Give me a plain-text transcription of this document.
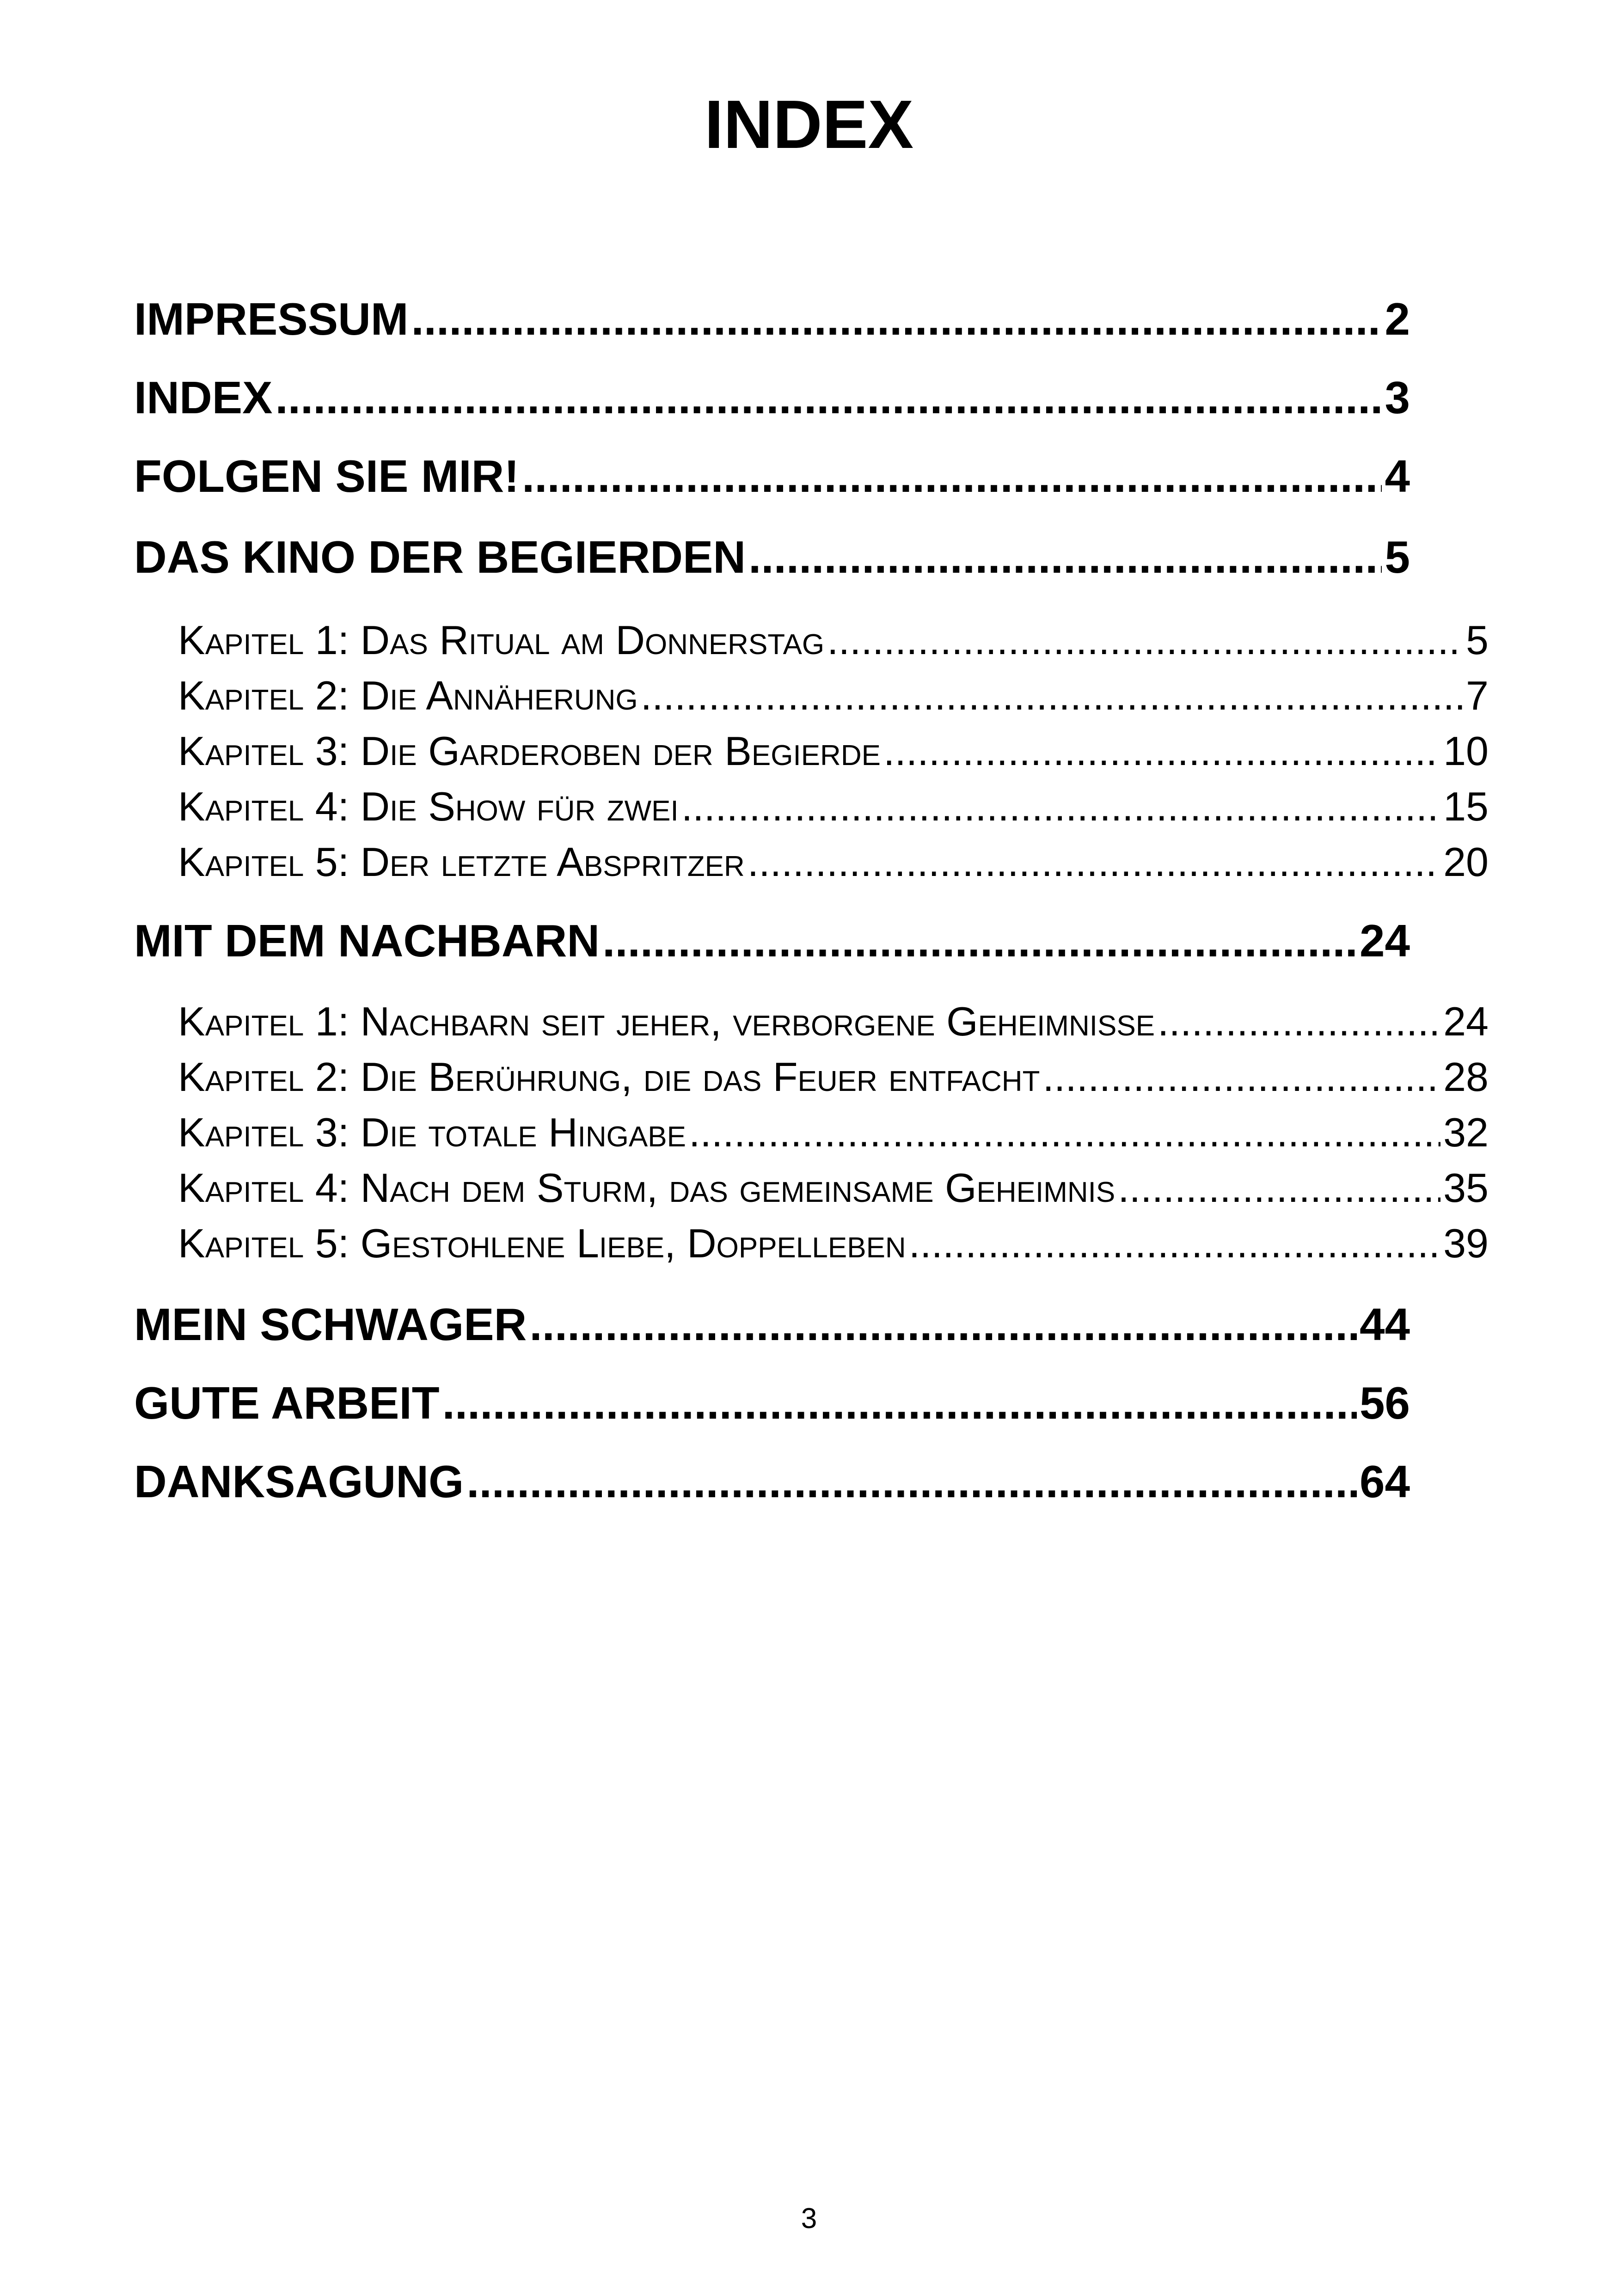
INDEX
IMPRESSUM .....	2
INDEX .....	3
FOLGEN SIE MIR! .....	4
DAS KINO DER BEGIERDEN .....	5
Kapitel 1: Das Ritual am Donnerstag .....	5
Kapitel 2: Die Annäherung .....	7
Kapitel 3: Die Garderoben der Begierde .....	10
Kapitel 4: Die Show für zwei .....	15
Kapitel 5: Der letzte Abspritzer .....	20
MIT DEM NACHBARN .....	24
Kapitel 1: Nachbarn seit jeher, verborgene Geheimnisse .....	24
Kapitel 2: Die Berührung, die das Feuer entfacht .....	28
Kapitel 3: Die totale Hingabe .....	32
Kapitel 4: Nach dem Sturm, das gemeinsame Geheimnis .....	35
Kapitel 5: Gestohlene Liebe, Doppelleben .....	39
MEIN SCHWAGER .....	44
GUTE ARBEIT .....	56
DANKSAGUNG .....	64
3
